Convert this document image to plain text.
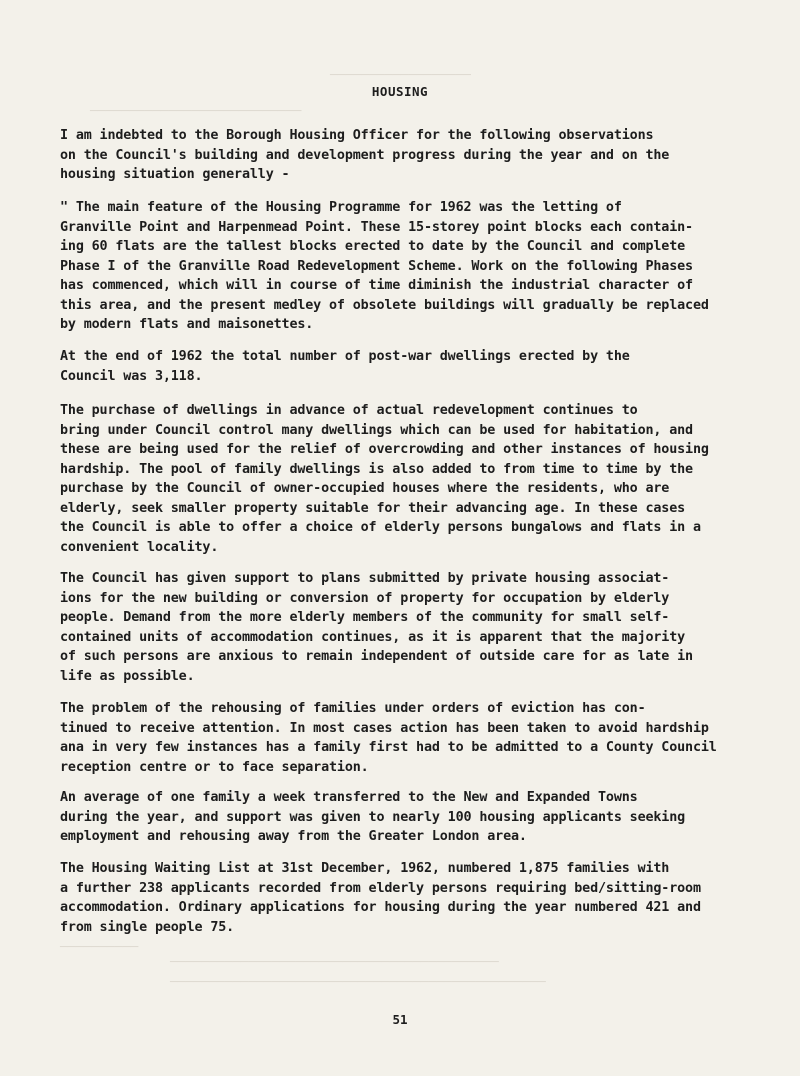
──────────────────
───────────────────────────
──────────
──────────────────────────────────────────
────────────────────────────────────────────────
HOUSING

I am indebted to the Borough Housing Officer for the following observations
on the Council's building and development progress during the year and on the
housing situation generally -

" The main feature of the Housing Programme for 1962 was the letting of
Granville Point and Harpenmead Point. These 15-storey point blocks each contain-
ing 60 flats are the tallest blocks erected to date by the Council and complete
Phase I of the Granville Road Redevelopment Scheme. Work on the following Phases
has commenced, which will in course of time diminish the industrial character of
this area, and the present medley of obsolete buildings will gradually be replaced
by modern flats and maisonettes.

At the end of 1962 the total number of post-war dwellings erected by the
Council was 3,118.

The purchase of dwellings in advance of actual redevelopment continues to
bring under Council control many dwellings which can be used for habitation, and
these are being used for the relief of overcrowding and other instances of housing
hardship. The pool of family dwellings is also added to from time to time by the
purchase by the Council of owner-occupied houses where the residents, who are
elderly, seek smaller property suitable for their advancing age. In these cases
the Council is able to offer a choice of elderly persons bungalows and flats in a
convenient locality.

The Council has given support to plans submitted by private housing associat-
ions for the new building or conversion of property for occupation by elderly
people. Demand from the more elderly members of the community for small self-
contained units of accommodation continues, as it is apparent that the majority
of such persons are anxious to remain independent of outside care for as late in
life as possible.

The problem of the rehousing of families under orders of eviction has con-
tinued to receive attention. In most cases action has been taken to avoid hardship
ana in very few instances has a family first had to be admitted to a County Council
reception centre or to face separation.

An average of one family a week transferred to the New and Expanded Towns
during the year, and support was given to nearly 100 housing applicants seeking
employment and rehousing away from the Greater London area.

The Housing Waiting List at 31st December, 1962, numbered 1,875 families with
a further 238 applicants recorded from elderly persons requiring bed/sitting-room
accommodation. Ordinary applications for housing during the year numbered 421 and
from single people 75.

51
